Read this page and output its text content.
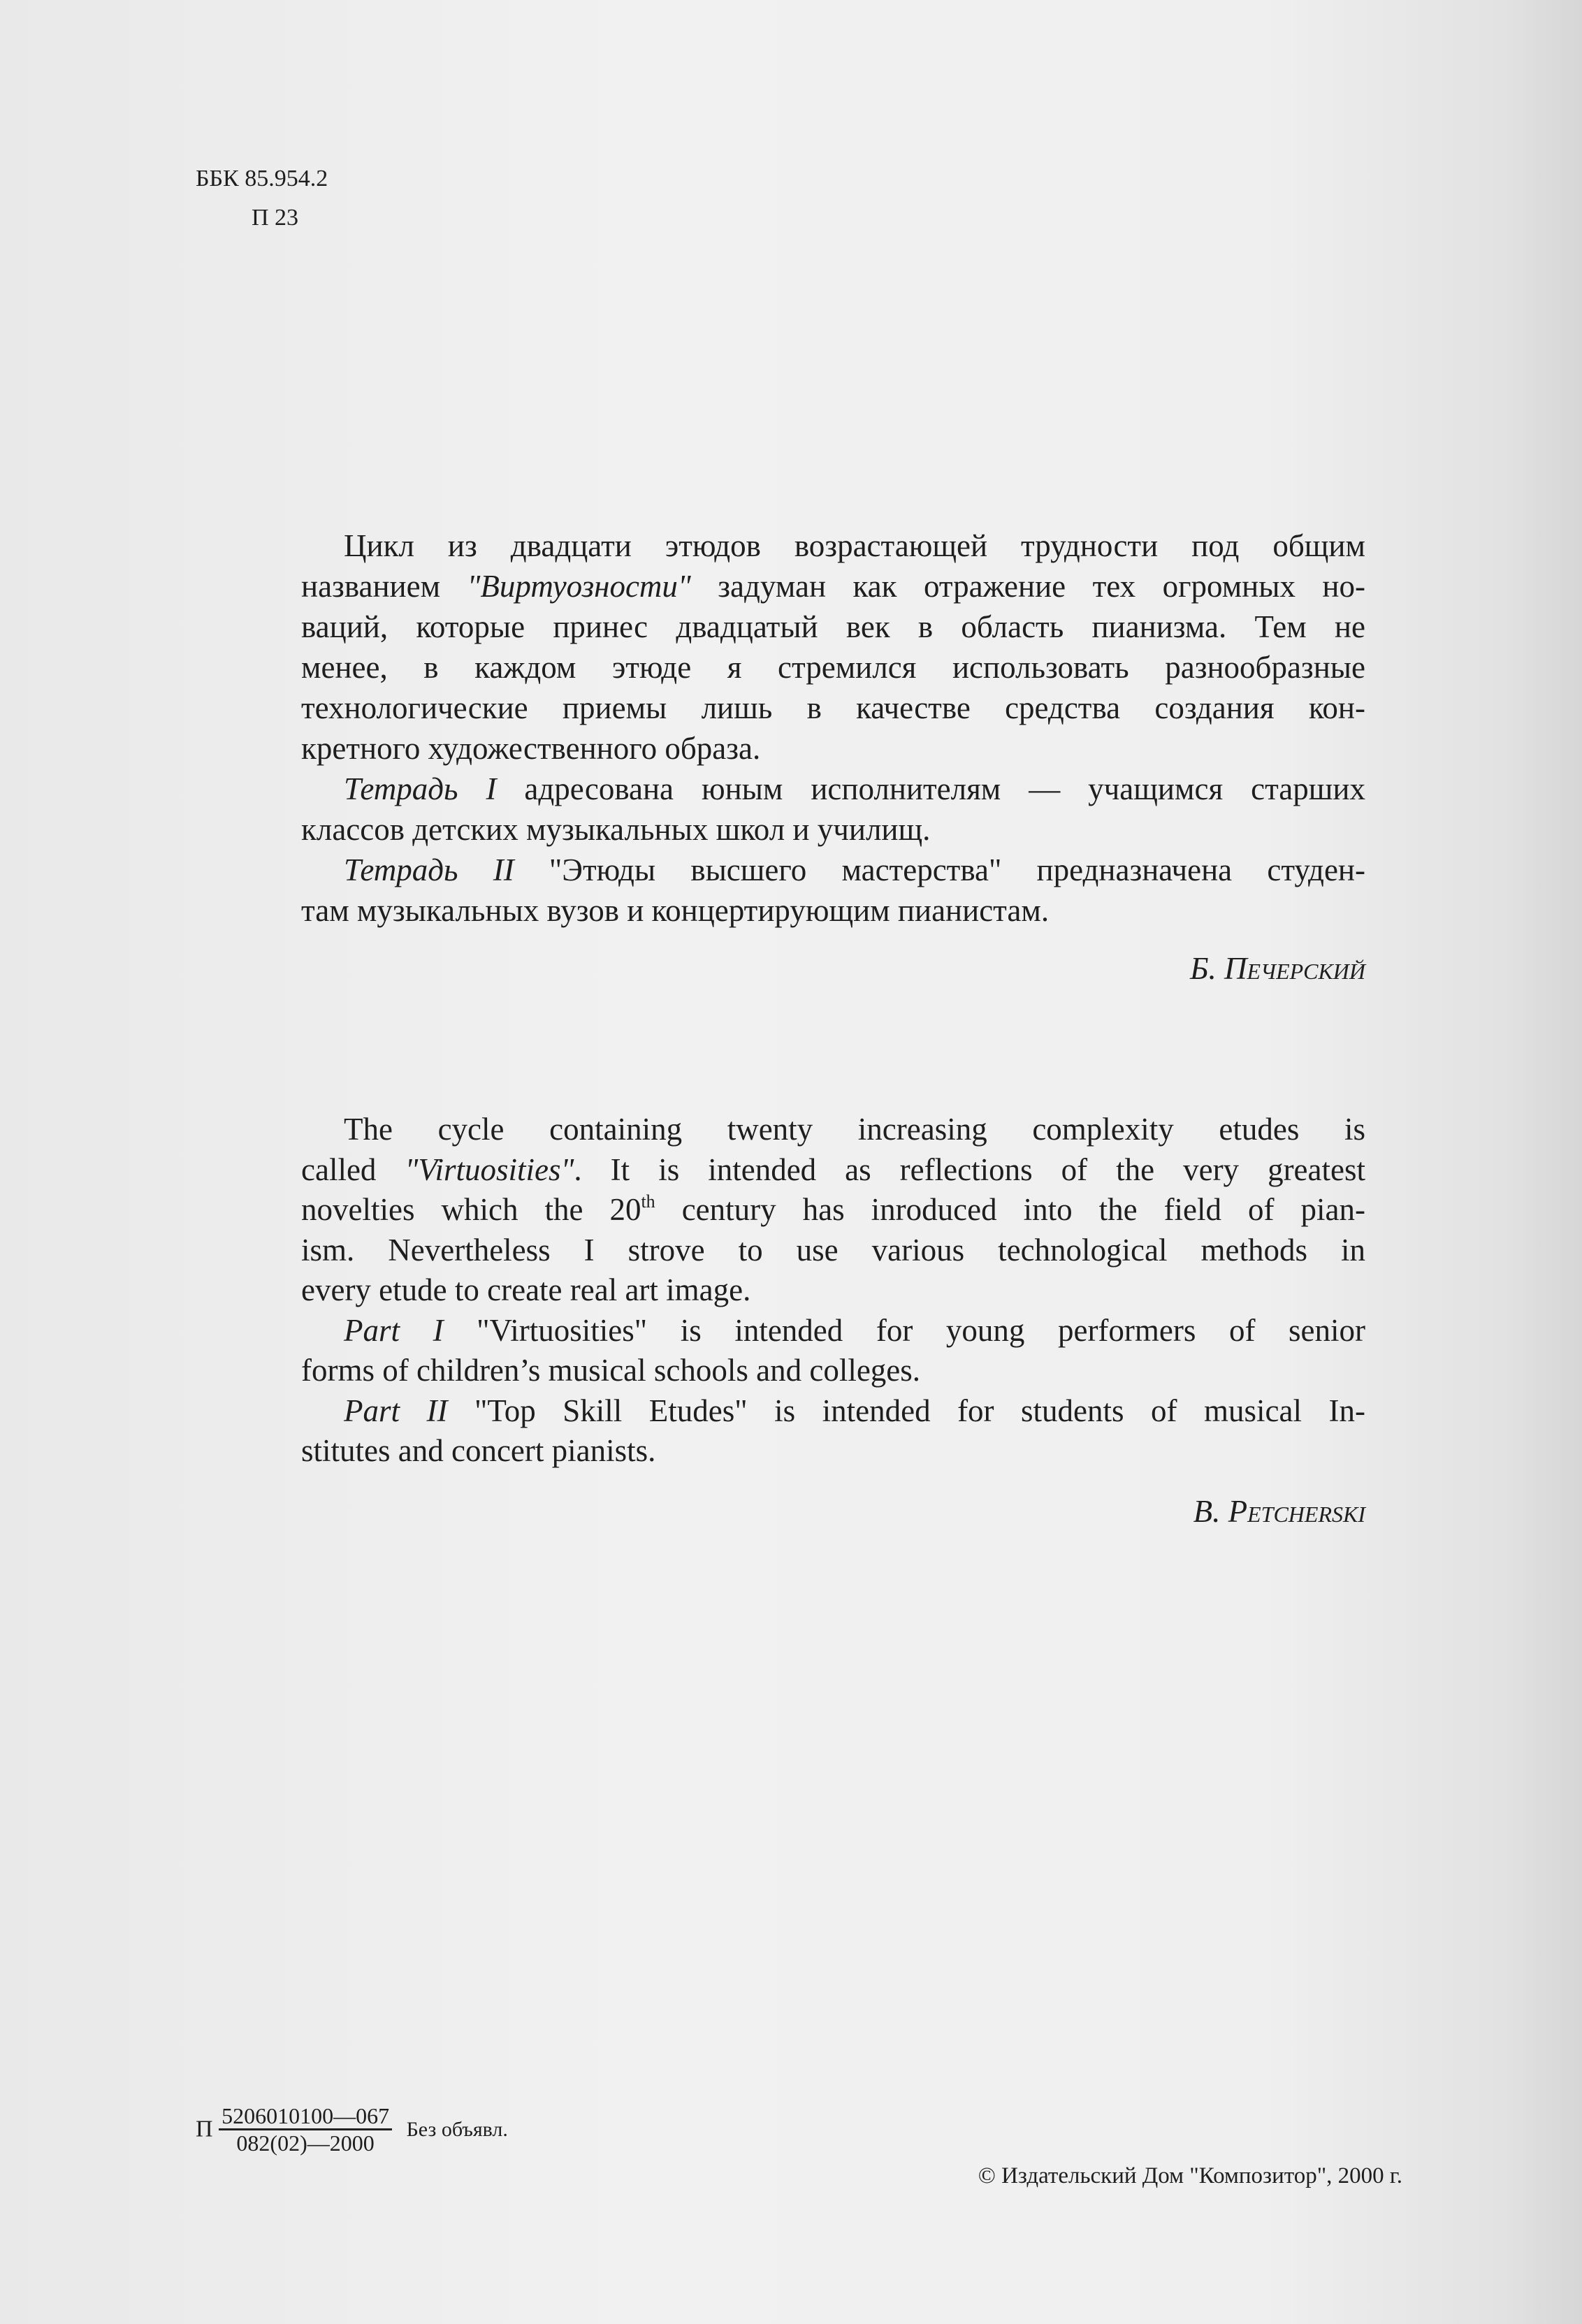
ББК 85.954.2
П 23
Цикл из двадцати этюдов возрастающей трудности под общим
названием "Виртуозности" задуман как отражение тех огромных но-
ваций, которые принес двадцатый век в область пианизма. Тем не
менее, в каждом этюде я стремился использовать разнообразные
технологические приемы лишь в качестве средства создания кон-
кретного художественного образа.
Тетрадь I адресована юным исполнителям — учащимся старших
классов детских музыкальных школ и училищ.
Тетрадь II "Этюды высшего мастерства" предназначена студен-
там музыкальных вузов и концертирующим пианистам.
Б. Печерский
The cycle containing twenty increasing complexity etudes is
called "Virtuosities". It is intended as reflections of the very greatest
novelties which the 20th century has inroduced into the field of pian-
ism. Nevertheless I strove to use various technological methods in
every etude to create real art image.
Part I "Virtuosities" is intended for young performers of senior
forms of children’s musical schools and colleges.
Part II "Top Skill Etudes" is intended for students of musical In-
stitutes and concert pianists.
B. Petcherski
П $\frac{5206010100—067}{082(02)—2000}$ Без объявл.
© Издательский Дом "Композитор", 2000 г.
